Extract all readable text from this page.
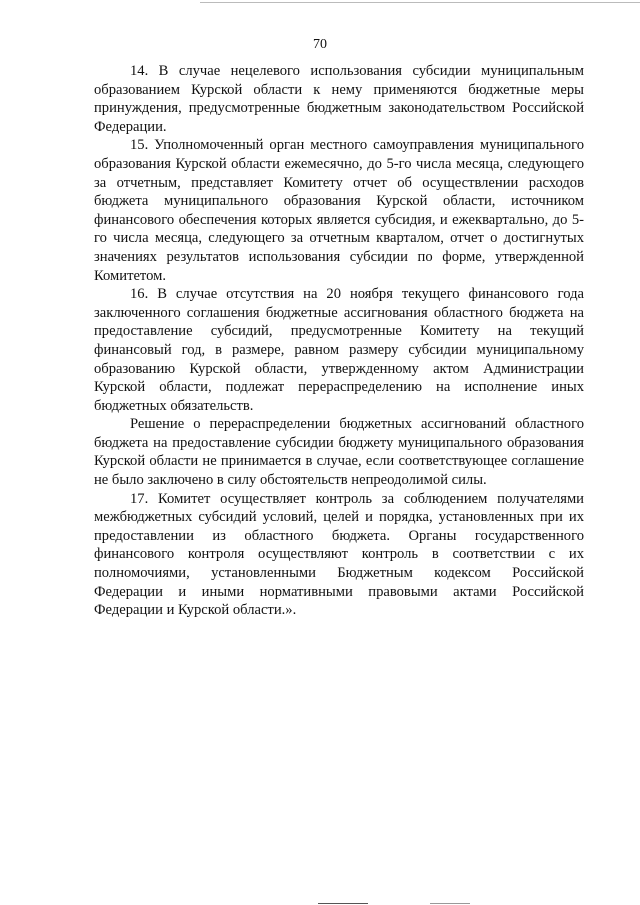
70

14. В случае нецелевого использования субсидии муниципальным образованием Курской области к нему применяются бюджетные меры принуждения, предусмотренные бюджетным законодательством Российской Федерации.

15. Уполномоченный орган местного самоуправления муниципального образования Курской области ежемесячно, до 5-го числа месяца, следующего за отчетным, представляет Комитету отчет об осуществлении расходов бюджета муниципального образования Курской области, источником финансового обеспечения которых является субсидия, и ежеквартально, до 5-го числа месяца, следующего за отчетным кварталом, отчет о достигнутых значениях результатов использования субсидии по форме, утвержденной Комитетом.

16. В случае отсутствия на 20 ноября текущего финансового года заключенного соглашения бюджетные ассигнования областного бюджета на предоставление субсидий, предусмотренные Комитету на текущий финансовый год, в размере, равном размеру субсидии муниципальному образованию Курской области, утвержденному актом Администрации Курской области, подлежат перераспределению на исполнение иных бюджетных обязательств.

Решение о перераспределении бюджетных ассигнований областного бюджета на предоставление субсидии бюджету муниципального образования Курской области не принимается в случае, если соответствующее соглашение не было заключено в силу обстоятельств непреодолимой силы.

17. Комитет осуществляет контроль за соблюдением получателями межбюджетных субсидий условий, целей и порядка, установленных при их предоставлении из областного бюджета. Органы государственного финансового контроля осуществляют контроль в соответствии с их полномочиями, установленными Бюджетным кодексом Российской Федерации и иными нормативными правовыми актами Российской Федерации и Курской области.».
